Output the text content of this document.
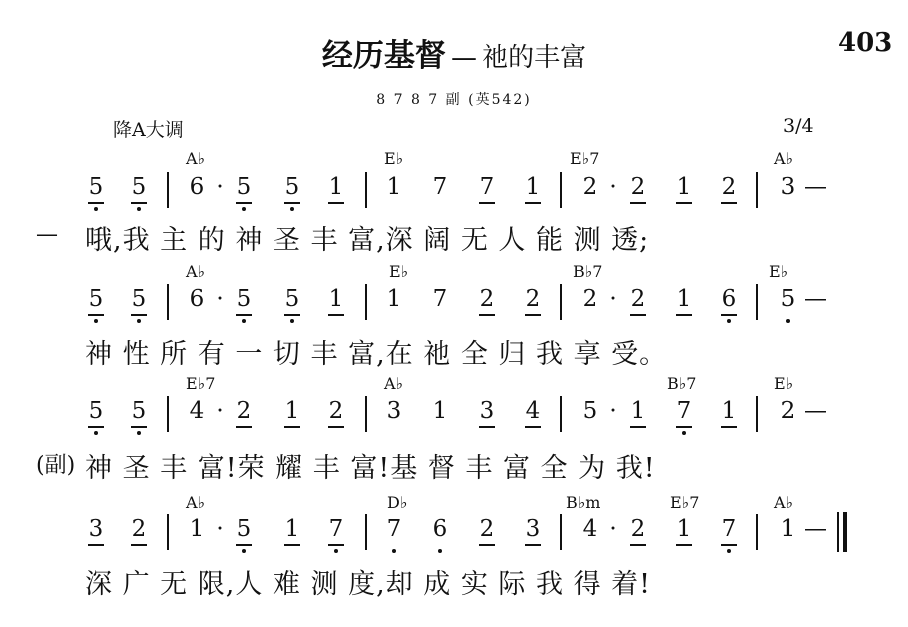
经历基督 — 祂的丰富	403
8 7 8 7 副 (英542)
降A大调	3/4
A♭	E♭	E♭7	A♭
5 5 6 · 5 5 1 1 7 7 1 2 · 2 1 2 3 —
— 哦,我 主 的 神 圣 丰 富,深 阔 无 人 能 测 透;
A♭	E♭	B♭7	E♭
5 5 6 · 5 5 1 1 7 2 2 2 · 2 1 6 5 —
神 性 所 有 一 切 丰 富,在 祂 全 归 我 享 受。
E♭7	A♭	B♭7	E♭
5 5 4 · 2 1 2 3 1 3 4 5 · 1 7 1 2 —
(副) 神 圣 丰 富!荣 耀 丰 富!基 督 丰 富 全 为 我!
A♭	D♭	B♭m	E♭7	A♭
3 2 1 · 5 1 7 7 6 2 3 4 · 2 1 7 1 —
深 广 无 限,人 难 测 度,却 成 实 际 我 得 着!
